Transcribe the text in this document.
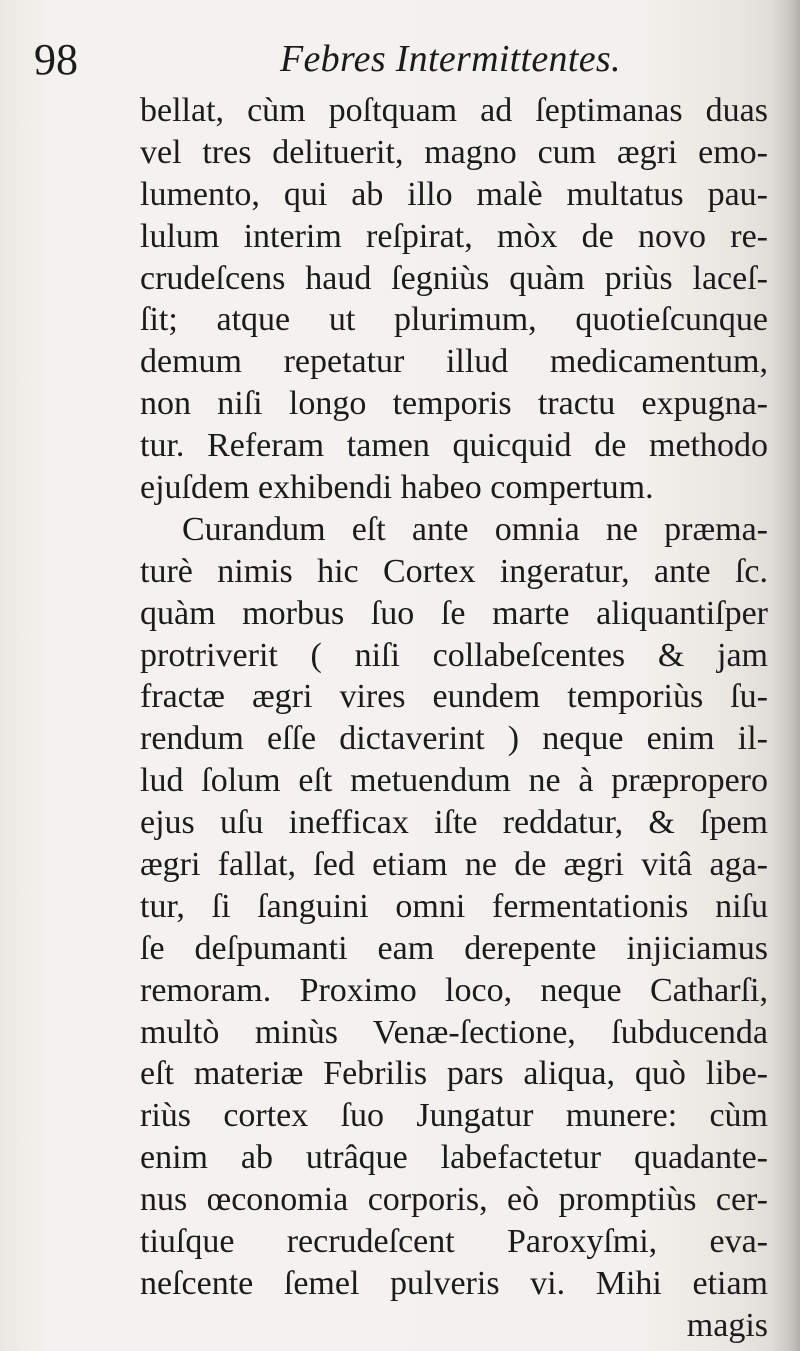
98	Febres Intermittentes.
bellat, cùm poſtquam ad ſeptimanas duas
vel tres delituerit, magno cum ægri emo-
lumento, qui ab illo malè multatus pau-
lulum interim reſpirat, mòx de novo re-
crudeſcens haud ſegniùs quàm priùs laceſ-
ſit; atque ut plurimum, quotieſcunque
demum repetatur illud medicamentum,
non niſi longo temporis tractu expugna-
tur. Referam tamen quicquid de methodo
ejuſdem exhibendi habeo compertum.
Curandum eſt ante omnia ne præma-
turè nimis hic Cortex ingeratur, ante ſc.
quàm morbus ſuo ſe marte aliquantiſper
protriverit ( niſi collabeſcentes & jam
fractæ ægri vires eundem temporiùs ſu-
rendum eſſe dictaverint ) neque enim il-
lud ſolum eſt metuendum ne à præpropero
ejus uſu inefficax iſte reddatur, & ſpem
ægri fallat, ſed etiam ne de ægri vitâ aga-
tur, ſi ſanguini omni fermentationis niſu
ſe deſpumanti eam derepente injiciamus
remoram. Proximo loco, neque Catharſi,
multò minùs Venæ-ſectione, ſubducenda
eſt materiæ Febrilis pars aliqua, quò libe-
riùs cortex ſuo Jungatur munere: cùm
enim ab utrâque labefactetur quadante-
nus œconomia corporis, eò promptiùs cer-
tiuſque recrudeſcent Paroxyſmi, eva-
neſcente ſemel pulveris vi. Mihi etiam
magis
